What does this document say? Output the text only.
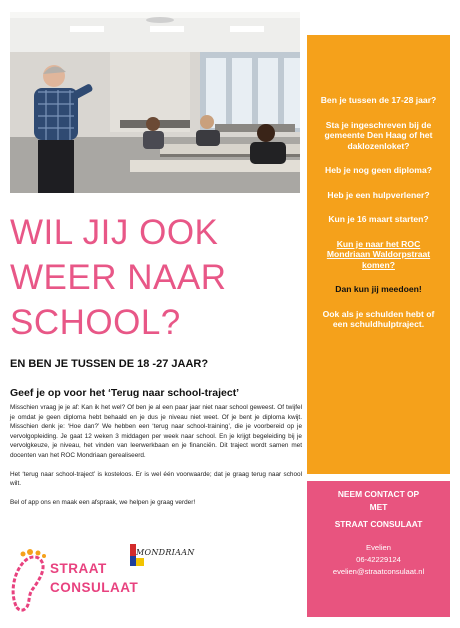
WIL JIJ OOK
WEER NAAR
SCHOOL?
EN BEN JE TUSSEN DE 18 -27 JAAR?
Geef je op voor het ‘Terug naar school-traject’

Misschien vraag je je af: Kan ik het wel? Of ben je al een paar jaar niet naar school geweest. Of twijfel je omdat je geen diploma hebt behaald en je dus je niveau niet weet. Of je bent je diploma kwijt. Misschien denk je: ‘Hoe dan?’ We hebben een ‘terug naar school-training’, die je voorbereid op je vervolgopleiding. Je gaat 12 weken 3 middagen per week naar school. En je krijgt begeleiding bij je vervolgkeuze, je niveau, het vinden van leerwerkbaan en je financiën. Dit traject wordt samen met docenten van het ROC Mondriaan gerealiseerd.

Het ‘terug naar school-traject’ is kosteloos. Er is wel één voorwaarde; dat je graag terug naar school wilt.

Bel of app ons en maak een afspraak, we helpen je graag verder!

STRAAT
CONSULAAT
MONDRIAAN
Ben je tussen de 17-28 jaar?
Sta je ingeschreven bij de gemeente Den Haag of het daklozenloket?
Heb je nog geen diploma?
Heb je een hulpverlener?
Kun je 16 maart starten?
Kun je naar het ROC Mondriaan Waldorpstraat komen?
Dan kun jij meedoen!
Ook als je schulden hebt of een schuldhulptraject.
NEEM CONTACT OP
MET
STRAAT CONSULAAT
Evelien
06-42229124
evelien@straatconsulaat.nl
